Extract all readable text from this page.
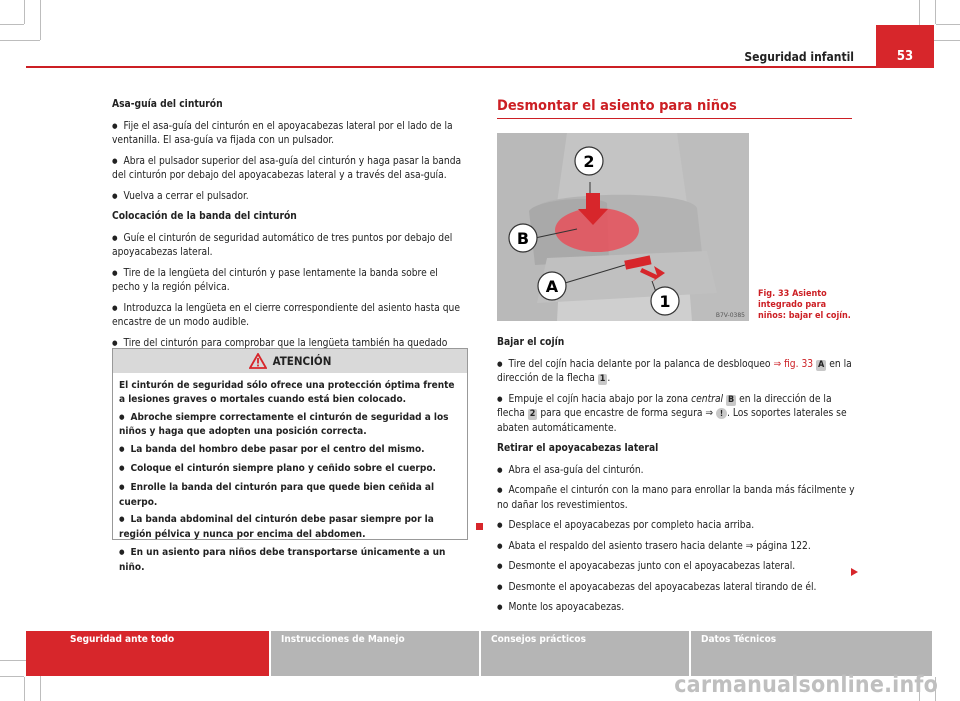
Seguridad infantil	53

Asa-guía del cinturón

● Fije el asa-guía del cinturón en el apoyacabezas lateral por el lado de la ventanilla. El asa-guía va fijada con un pulsador.

● Abra el pulsador superior del asa-guía del cinturón y haga pasar la banda del cinturón por debajo del apoyacabezas lateral y a través del asa-guía.

● Vuelva a cerrar el pulsador.

Colocación de la banda del cinturón

● Guíe el cinturón de seguridad automático de tres puntos por debajo del apoyacabezas lateral.

● Tire de la lengüeta del cinturón y pase lentamente la banda sobre el pecho y la región pélvica.

● Introduzca la lengüeta en el cierre correspondiente del asiento hasta que encastre de un modo audible.

● Tire del cinturón para comprobar que la lengüeta también ha quedado

ATENCIÓN

El cinturón de seguridad sólo ofrece una protección óptima frente a lesiones graves o mortales cuando está bien colocado.

● Abroche siempre correctamente el cinturón de seguridad a los niños y haga que adopten una posición correcta.

● La banda del hombro debe pasar por el centro del mismo.

● Coloque el cinturón siempre plano y ceñido sobre el cuerpo.

● Enrolle la banda del cinturón para que quede bien ceñida al cuerpo.

● La banda abdominal del cinturón debe pasar siempre por la región pélvica y nunca por encima del abdomen.

● En un asiento para niños debe transportarse únicamente a un niño.

Desmontar el asiento para niños
2
B
A
1
B7V-0385
Fig. 33 Asiento integrado para niños: bajar el cojín.

Bajar el cojín

● Tire del cojín hacia delante por la palanca de desbloqueo ⇒ fig. 33 A en la dirección de la flecha 1 .

● Empuje el cojín hacia abajo por la zona central B en la dirección de la flecha 2 para que encastre de forma segura ⇒ ! . Los soportes laterales se abaten automáticamente.

Retirar el apoyacabezas lateral

● Abra el asa-guía del cinturón.

● Acompañe el cinturón con la mano para enrollar la banda más fácilmente y no dañar los revestimientos.

● Desplace el apoyacabezas por completo hacia arriba.

● Abata el respaldo del asiento trasero hacia delante ⇒ página 122.

● Desmonte el apoyacabezas junto con el apoyacabezas lateral.

● Desmonte el apoyacabezas del apoyacabezas lateral tirando de él.

● Monte los apoyacabezas.

Seguridad ante todo	Instrucciones de Manejo	Consejos prácticos	Datos Técnicos
carmanualsonline.info
